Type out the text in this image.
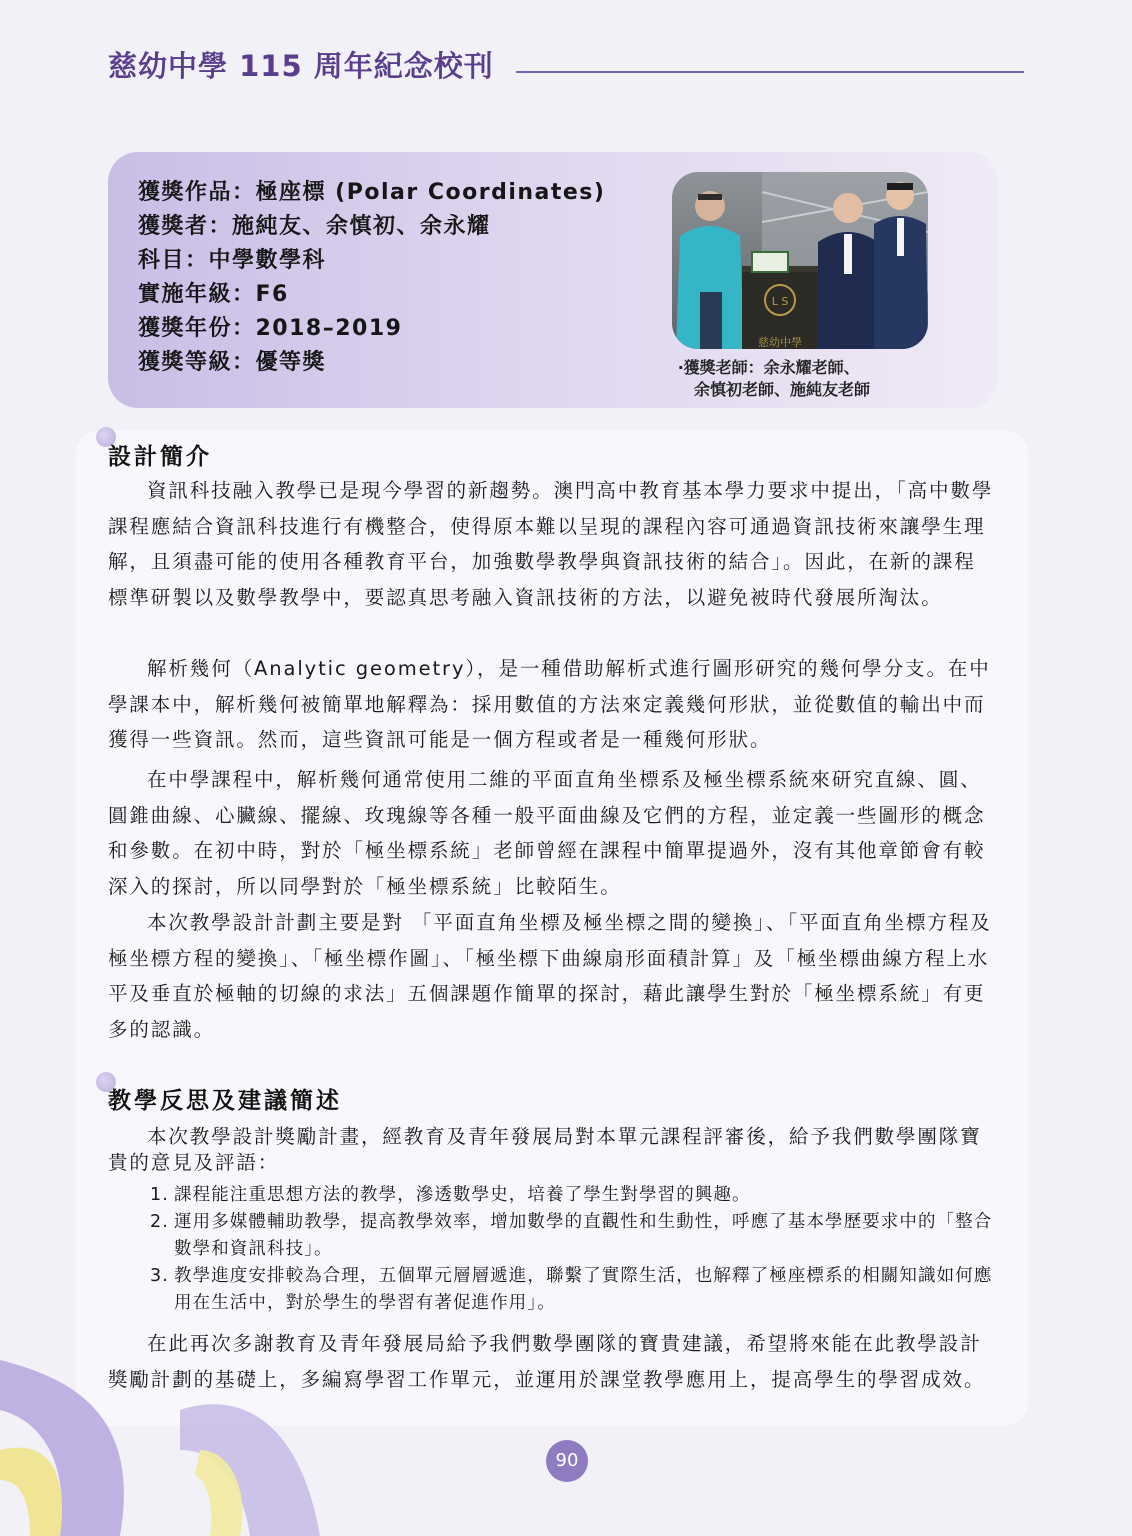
慈幼中學 115 周年紀念校刊
獲獎作品：極座標 (Polar Coordinates)
獲獎者：施純友、余慎初、余永耀
科目：中學數學科
實施年級：F6
獲獎年份：2018–2019
獲獎等級：優等獎
L S
慈幼中學
‧獲獎老師：余永耀老師、
余慎初老師、施純友老師
設計簡介

資訊科技融入教學已是現今學習的新趨勢。澳門高中教育基本學力要求中提出，「高中數學課程應結合資訊科技進行有機整合，使得原本難以呈現的課程內容可通過資訊技術來讓學生理解，且須盡可能的使用各種教育平台，加強數學教學與資訊技術的結合」。因此，在新的課程標準研製以及數學教學中，要認真思考融入資訊技術的方法，以避免被時代發展所淘汰。

解析幾何（Analytic geometry），是一種借助解析式進行圖形研究的幾何學分支。在中學課本中，解析幾何被簡單地解釋為：採用數值的方法來定義幾何形狀，並從數值的輸出中而獲得一些資訊。然而，這些資訊可能是一個方程或者是一種幾何形狀。

在中學課程中，解析幾何通常使用二維的平面直角坐標系及極坐標系統來研究直線、圓、圓錐曲線、心臟線、擺線、玫瑰線等各種一般平面曲線及它們的方程，並定義一些圖形的概念和參數。在初中時，對於「極坐標系統」老師曾經在課程中簡單提過外，沒有其他章節會有較深入的探討，所以同學對於「極坐標系統」比較陌生。

本次教學設計計劃主要是對 「平面直角坐標及極坐標之間的變換」、「平面直角坐標方程及極坐標方程的變換」、「極坐標作圖」、「極坐標下曲線扇形面積計算」及「極坐標曲線方程上水平及垂直於極軸的切線的求法」五個課題作簡單的探討，藉此讓學生對於「極坐標系統」有更多的認識。

教學反思及建議簡述

本次教學設計獎勵計畫，經教育及青年發展局對本單元課程評審後，給予我們數學團隊寶貴的意見及評語：

1. 課程能注重思想方法的教學，滲透數學史，培養了學生對學習的興趣。
2. 運用多媒體輔助教學，提高教學效率，增加數學的直觀性和生動性，呼應了基本學歷要求中的「整合數學和資訊科技」。
3. 教學進度安排較為合理，五個單元層層遞進，聯繫了實際生活，也解釋了極座標系的相關知識如何應用在生活中，對於學生的學習有著促進作用」。

在此再次多謝教育及青年發展局給予我們數學團隊的寶貴建議，希望將來能在此教學設計獎勵計劃的基礎上，多編寫學習工作單元，並運用於課堂教學應用上，提高學生的學習成效。

90
